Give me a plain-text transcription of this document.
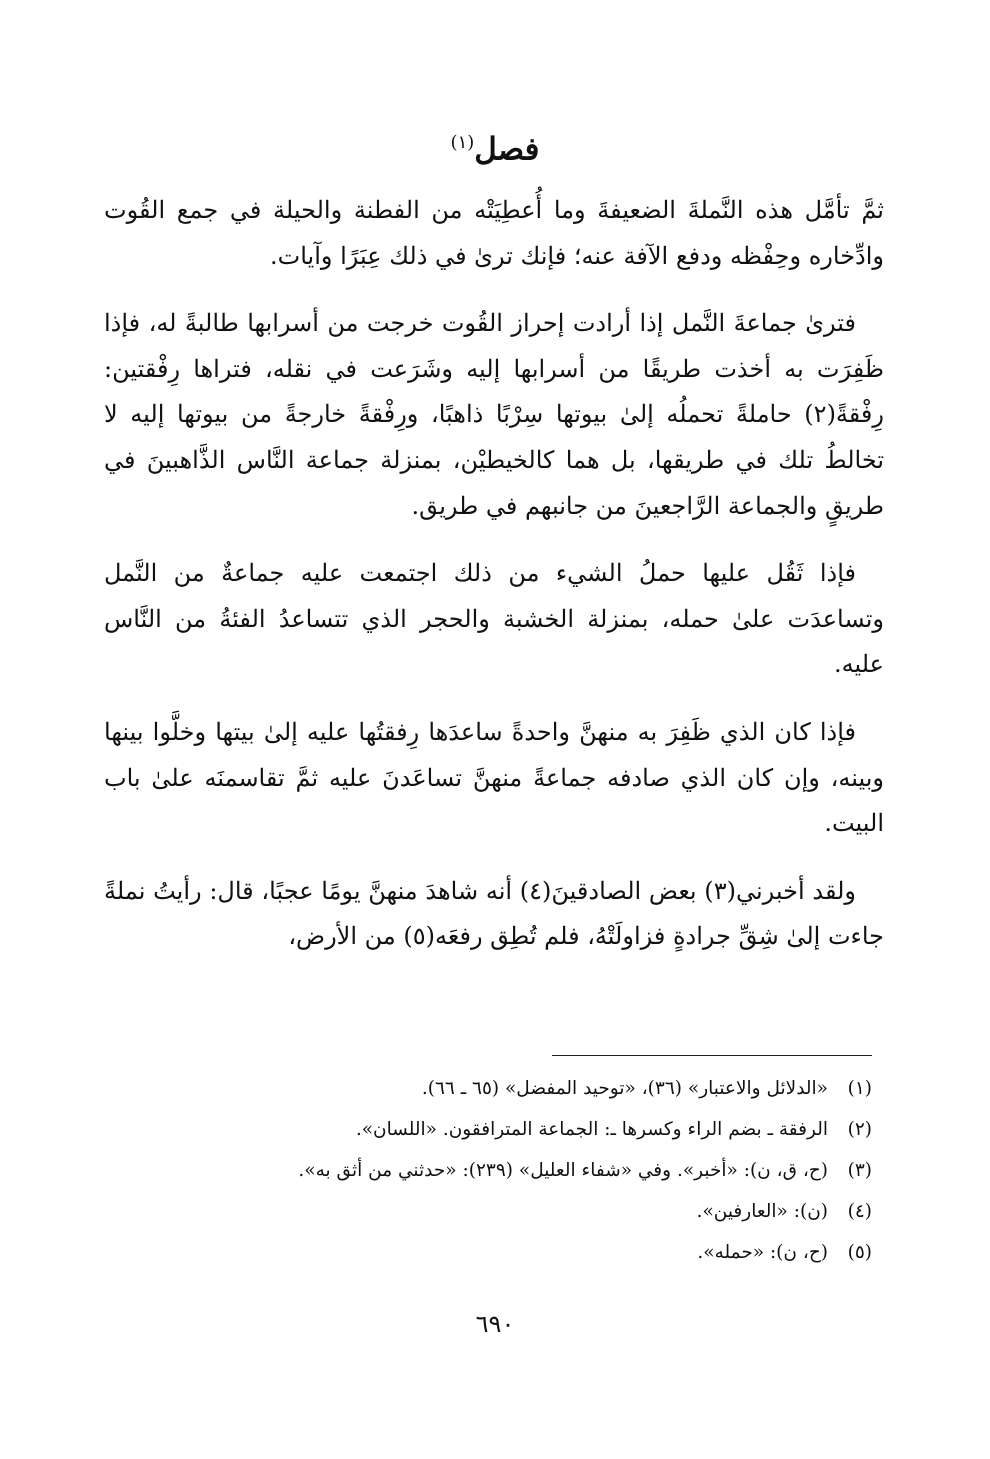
فصل$^{(١)}$

ثمَّ تأمَّل هذه النَّملةَ الضعيفةَ وما أُعطِيَتْه من الفطنة والحيلة في جمع القُوت وادِّخاره وحِفْظه ودفع الآفة عنه؛ فإنك ترىٰ في ذلك عِبَرًا وآيات.

فترىٰ جماعةَ النَّمل إذا أرادت إحراز القُوت خرجت من أسرابها طالبةً له، فإذا ظَفِرَت به أخذت طريقًا من أسرابها إليه وشَرَعت في نقله، فتراها رِفْقتين: رِفْقةً(٢) حاملةً تحملُه إلىٰ بيوتها سِرْبًا ذاهبًا، ورِفْقةً خارجةً من بيوتها إليه لا تخالطُ تلك في طريقها، بل هما كالخيطيْن، بمنزلة جماعة النَّاس الذَّاهبينَ في طريقٍ والجماعة الرَّاجعينَ من جانبهم في طريق.

فإذا ثَقُل عليها حملُ الشيء من ذلك اجتمعت عليه جماعةٌ من النَّمل وتساعدَت علىٰ حمله، بمنزلة الخشبة والحجر الذي تتساعدُ الفئةُ من النَّاس عليه.

فإذا كان الذي ظَفِرَ به منهنَّ واحدةً ساعدَها رِفقتُها عليه إلىٰ بيتها وخلَّوا بينها وبينه، وإن كان الذي صادفه جماعةً منهنَّ تساعَدنَ عليه ثمَّ تقاسمنَه علىٰ باب البيت.

ولقد أخبرني(٣) بعض الصادقينَ(٤) أنه شاهدَ منهنَّ يومًا عجبًا، قال: رأيتُ نملةً جاءت إلىٰ شِقِّ جرادةٍ فزاولَتْهُ، فلم تُطِق رفعَه(٥) من الأرض،

(١)«الدلائل والاعتبار» (٣٦)، «توحيد المفضل» (٦٥ ـ ٦٦).
(٢)الرفقة ـ بضم الراء وكسرها ـ: الجماعة المترافقون. «اللسان».
(٣)(ح، ق، ن): «أخبر». وفي «شفاء العليل» (٢٣٩): «حدثني من أثق به».
(٤)(ن): «العارفين».
(٥)(ح، ن): «حمله».
٦٩٠
